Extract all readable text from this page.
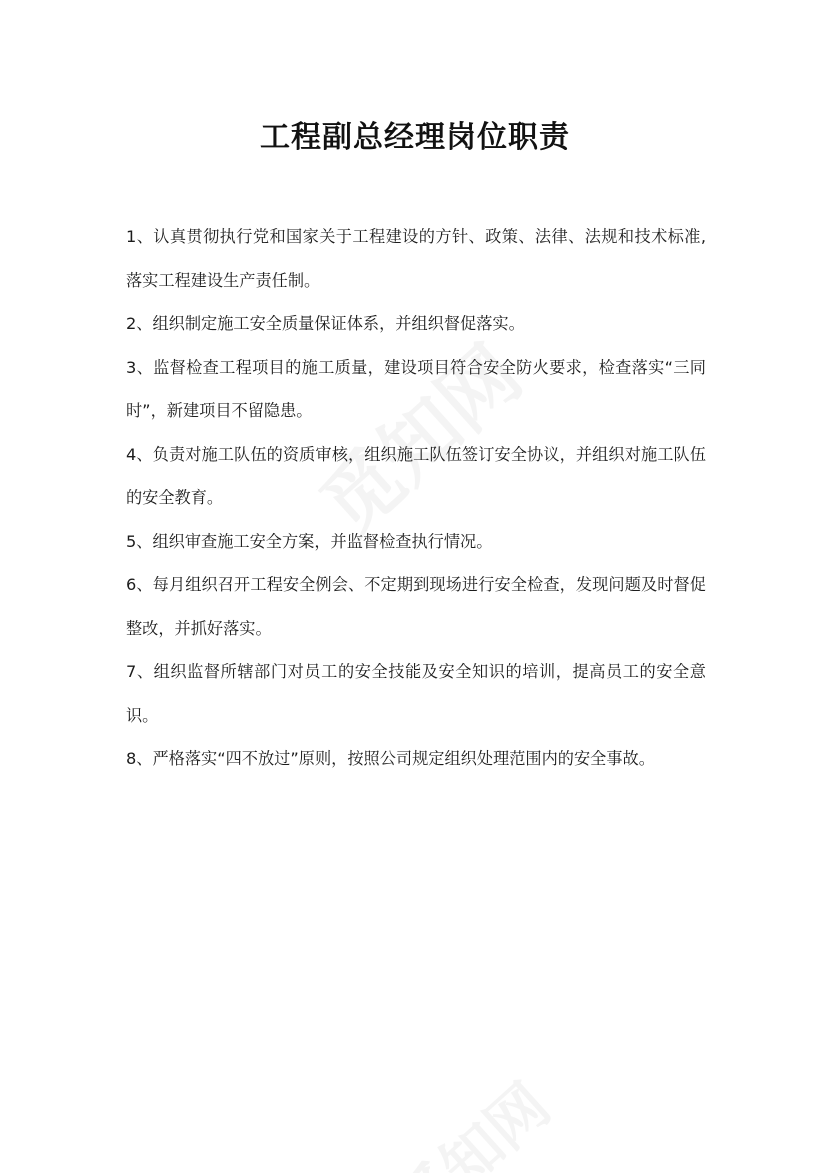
工程副总经理岗位职责

1、认真贯彻执行党和国家关于工程建设的方针、政策、法律、法规和技术标准,落实工程建设生产责任制。

2、组织制定施工安全质量保证体系，并组织督促落实。

3、监督检查工程项目的施工质量，建设项目符合安全防火要求，检查落实“三同时”，新建项目不留隐患。

4、负责对施工队伍的资质审核，组织施工队伍签订安全协议，并组织对施工队伍的安全教育。

5、组织审查施工安全方案，并监督检查执行情况。

6、每月组织召开工程安全例会、不定期到现场进行安全检查，发现问题及时督促整改，并抓好落实。

7、组织监督所辖部门对员工的安全技能及安全知识的培训，提高员工的安全意识。

8、严格落实“四不放过”原则，按照公司规定组织处理范围内的安全事故。
